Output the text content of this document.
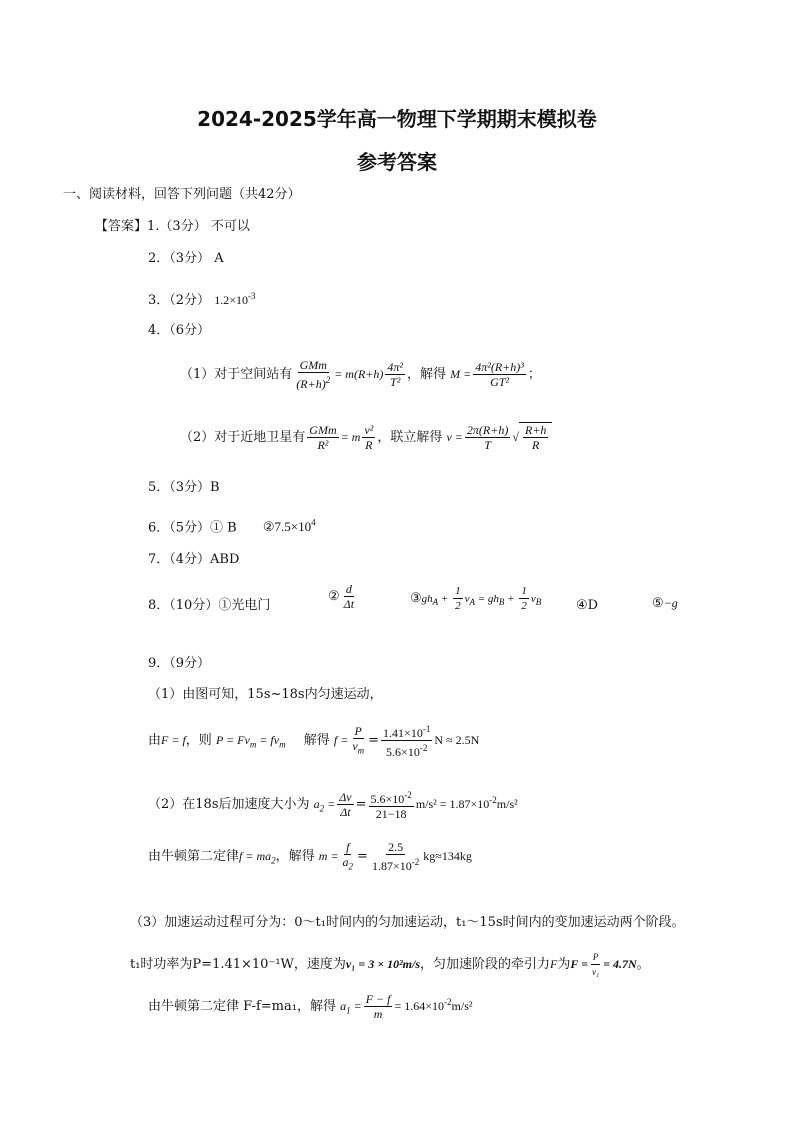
2024-2025学年高一物理下学期期末模拟卷
参考答案
一、阅读材料，回答下列问题（共42分）
【答案】1.（3分） 不可以
2．（3分） A
3．（2分） $1.2\times 10^{-3}$
4．（6分）
（1）对于空间站有 $\frac{\text{GMm}}{(R+h)^2} = m(R+h) \frac{\text{4π²}}{\text{T²}}$ ，解得 $M = \frac{\text{4π²(R+h)³}}{\text{GT²}}$ ；
（2）对于近地卫星有 $\frac{\text{GMm}}{\text{R²}} = m \frac{\text{v²}}{R}$ ，联立解得 $v = \frac{2\pi(R+h)}{T}$ √ $\frac{R+h}{R}$
5．（3分）B
6．（5分）① B $②7.5\times 10^4$
7．（4分）ABD
8．（10分）①光电门
② $\frac{d}{\Delta t}$	$③gh_A + \frac{1}{2} v_A = gh_B + \frac{1}{2} v_B$	④D	⑤−g
9．（9分）
（1）由图可知，15s~18s内匀速运动，
由F = f，则 $P = Fv_m = fv_m$ 解得 $f = \frac{P}{v_m} = \frac{1.41\times 10^{-1}}{5.6\times 10^{-2}}$ N ≈ 2.5N
（2）在18s后加速度大小为 $a_2 = \frac{\Delta v}{\Delta t} = \frac{5.6\times 10^{-2}}{21-18} m/s^2 = 1.87\times 10^{-2}m/s^2$
由牛顿第二定律$f = ma_2$，解得 $m = \frac{f}{a_2} = \frac{2.5}{1.87\times 10^{-2}} kg\approx 134kg$
（3）加速运动过程可分为：0～t₁时间内的匀加速运动，t₁～15s时间内的变加速运动两个阶段。
t₁时功率为P=1.41×10⁻¹W，速度为v₁ = 3 × 10²m/s，匀加速阶段的牵引力F为$F = \frac{P}{\text{v₁}} = 4.7N$。
由牛顿第二定律 F-f=ma₁，解得 $a_1 = \frac{F - f}{m} = 1.64\times 10^{-2}m/s^2$
